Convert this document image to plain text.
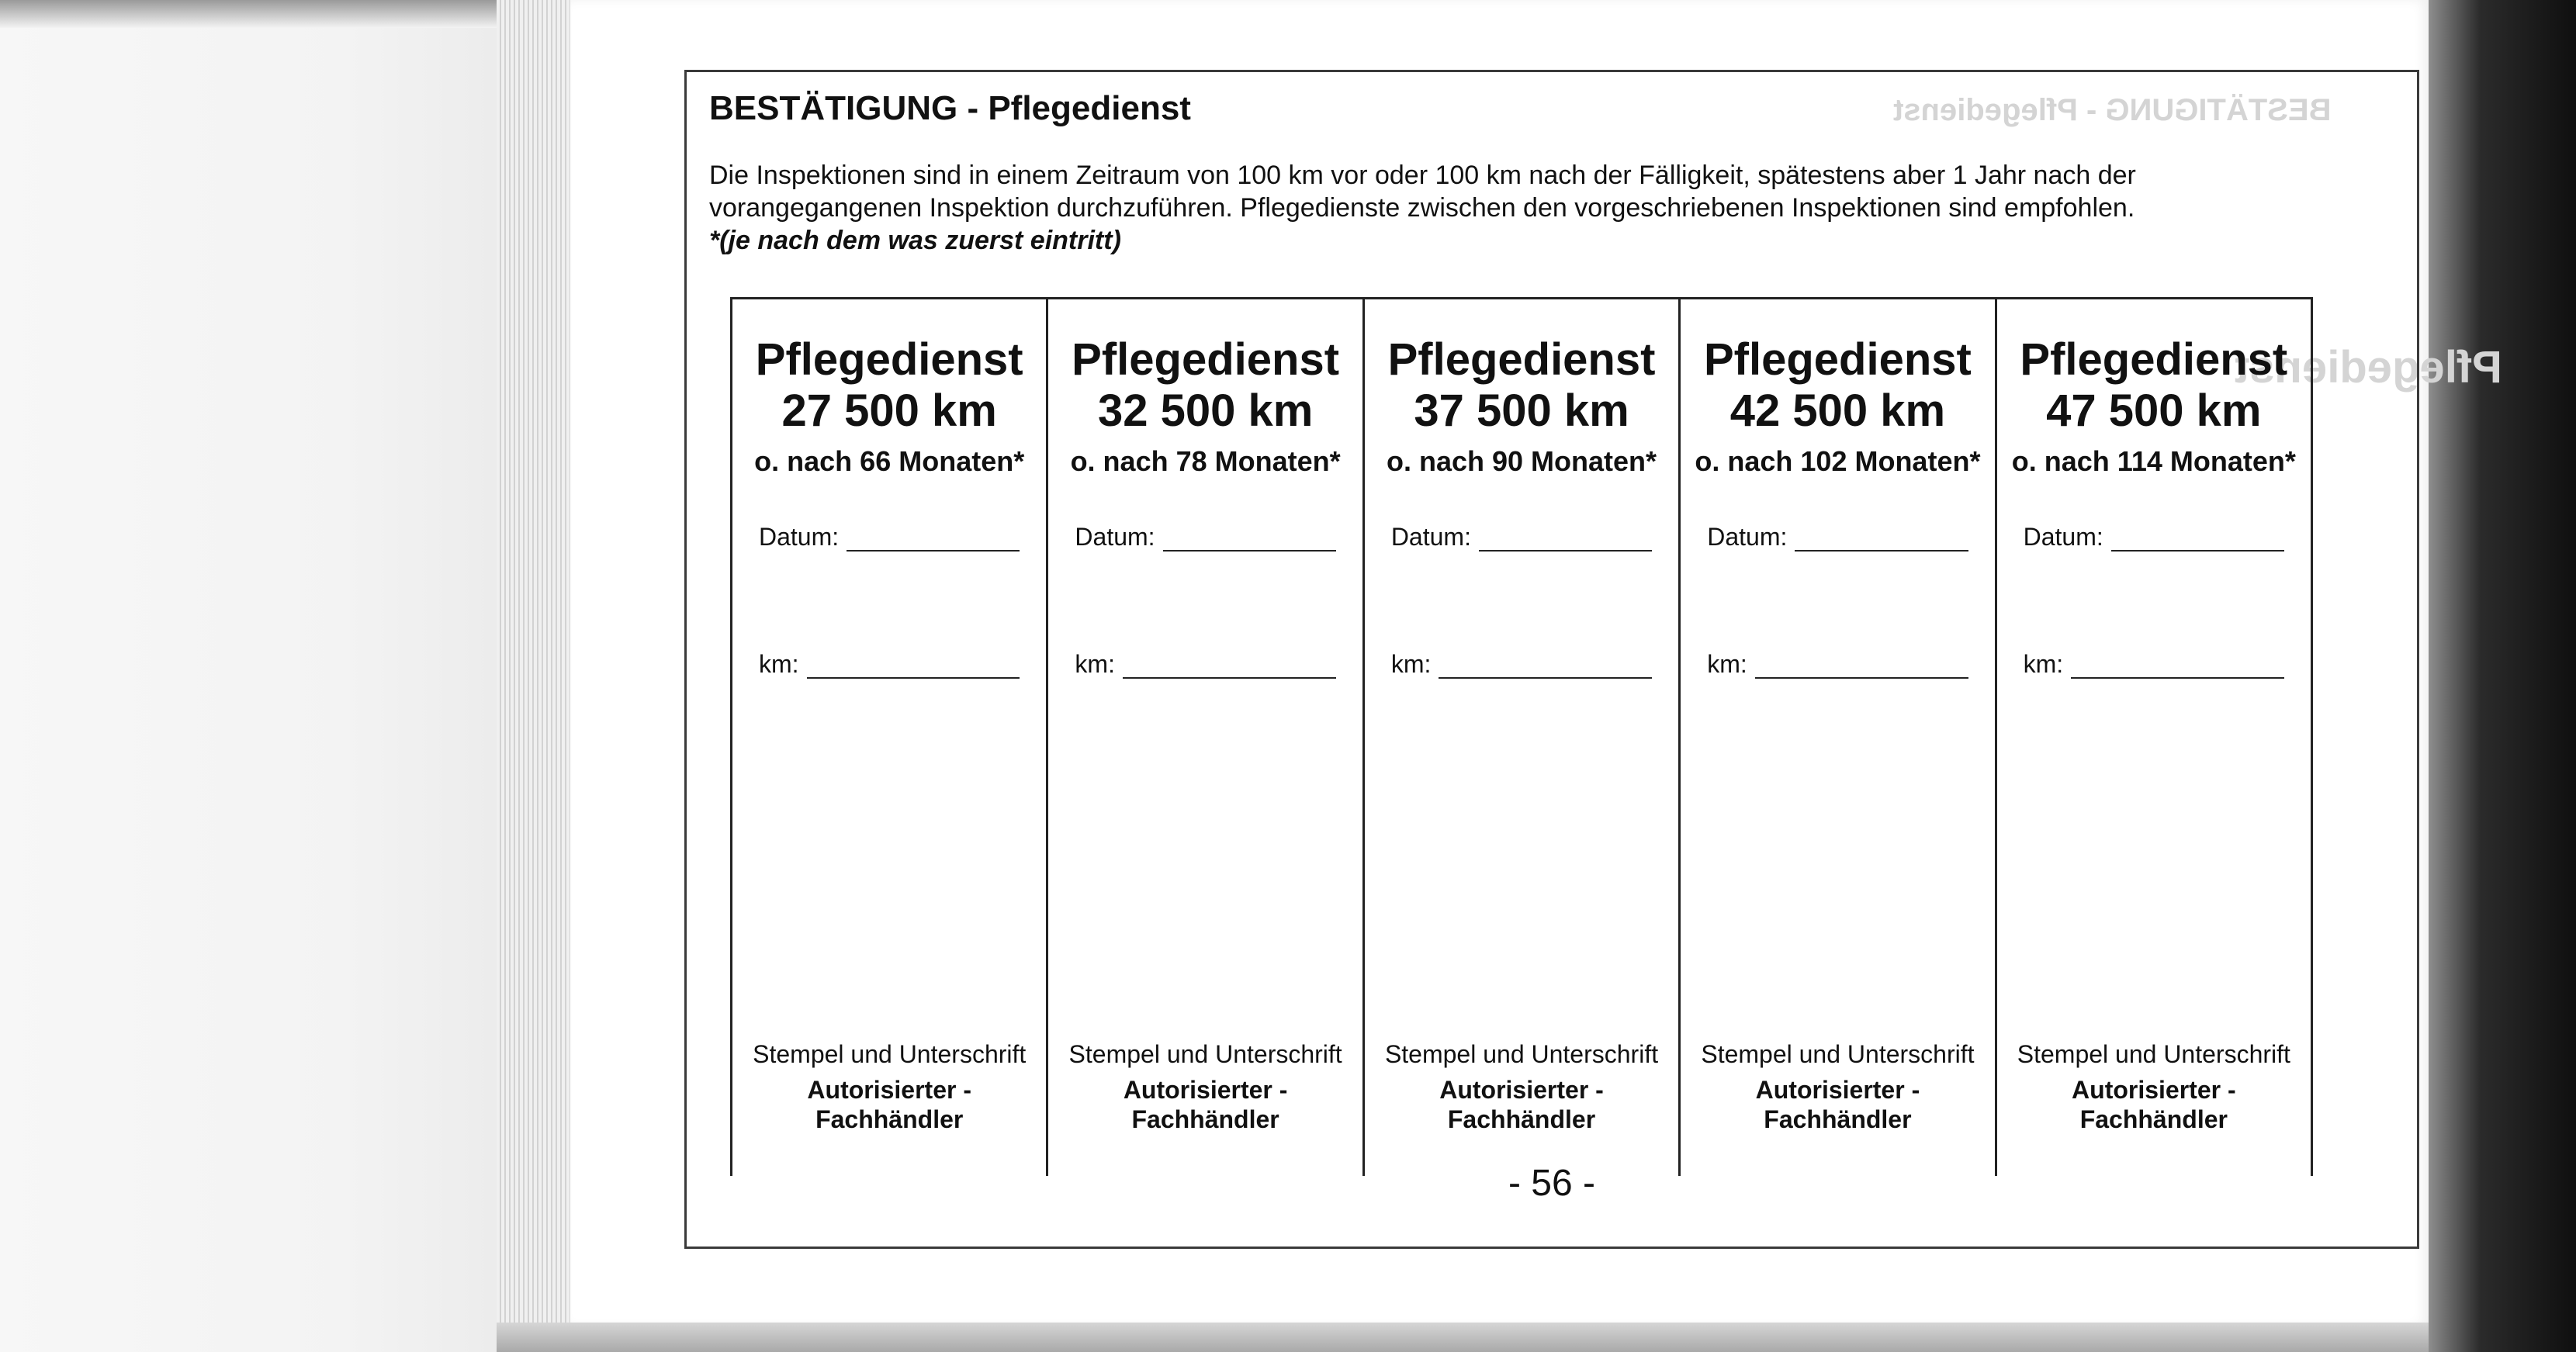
BESTÄTIGUNG - Pflegedienst
Pflegedienst
BESTÄTIGUNG - Pflegedienst

Die Inspektionen sind in einem Zeitraum von 100 km vor oder 100 km nach der Fälligkeit, spätestens aber 1 Jahr nach der
vorangegangenen Inspektion durchzuführen. Pflegedienste zwischen den vorgeschriebenen Inspektionen sind empfohlen.
*(je nach dem was zuerst eintritt)

Pflegedienst
27 500 km
o. nach 66 Monaten*
Datum:
km:
Stempel und Unterschrift
Autorisierter -
Fachhändler
Pflegedienst
32 500 km
o. nach 78 Monaten*
Datum:
km:
Stempel und Unterschrift
Autorisierter -
Fachhändler
Pflegedienst
37 500 km
o. nach 90 Monaten*
Datum:
km:
Stempel und Unterschrift
Autorisierter -
Fachhändler
Pflegedienst
42 500 km
o. nach 102 Monaten*
Datum:
km:
Stempel und Unterschrift
Autorisierter -
Fachhändler
Pflegedienst
47 500 km
o. nach 114 Monaten*
Datum:
km:
Stempel und Unterschrift
Autorisierter -
Fachhändler
- 56 -
